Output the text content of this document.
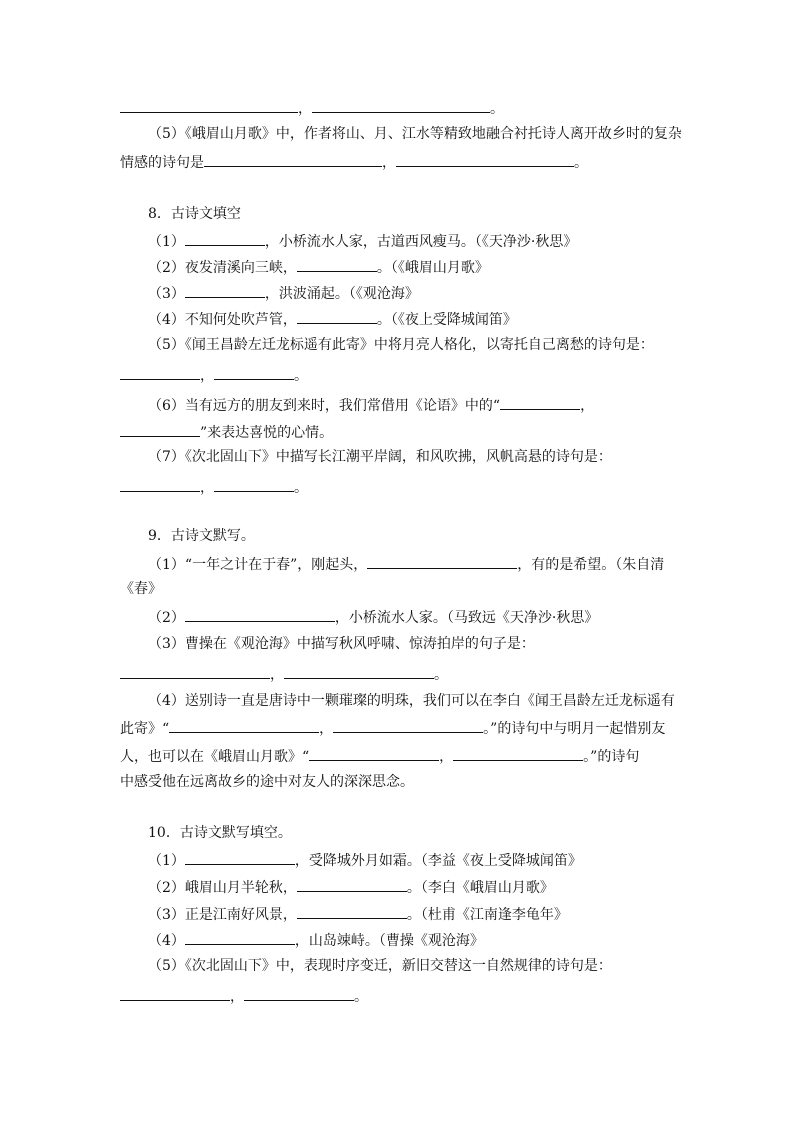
，	。
（5）《峨眉山月歌》中，作者将山、月、江水等精致地融合衬托诗人离开故乡时的复杂
情感的诗句是	，	。
8．古诗文填空
（1）	，小桥流水人家，古道西风瘦马。（《天净沙·秋思》
（2）夜发清溪向三峡，	。（《峨眉山月歌》
（3）	，洪波涌起。（《观沧海》
（4）不知何处吹芦管，	。（《夜上受降城闻笛》
（5）《闻王昌龄左迁龙标遥有此寄》中将月亮人格化，以寄托自己离愁的诗句是：
，	。
（6）当有远方的朋友到来时，我们常借用《论语》中的“	，
”来表达喜悦的心情。
（7）《次北固山下》中描写长江潮平岸阔，和风吹拂，风帆高悬的诗句是：
，	。
9．古诗文默写。
（1）“一年之计在于春”，刚起头，	，有的是希望。（朱自清
《春》
（2）	，小桥流水人家。（马致远《天净沙·秋思》
（3）曹操在《观沧海》中描写秋风呼啸、惊涛拍岸的句子是：
，	。
（4）送别诗一直是唐诗中一颗璀璨的明珠，我们可以在李白《闻王昌龄左迁龙标遥有
此寄》“	，	。”的诗句中与明月一起惜别友
人，也可以在《峨眉山月歌》“	，	。”的诗句
中感受他在远离故乡的途中对友人的深深思念。
10．古诗文默写填空。
（1）	，受降城外月如霜。（李益《夜上受降城闻笛》
（2）峨眉山月半轮秋，	。（李白《峨眉山月歌》
（3）正是江南好风景，	。（杜甫《江南逢李龟年》
（4）	，山岛竦峙。（曹操《观沧海》
（5）《次北固山下》中，表现时序变迁，新旧交替这一自然规律的诗句是：
，	。
